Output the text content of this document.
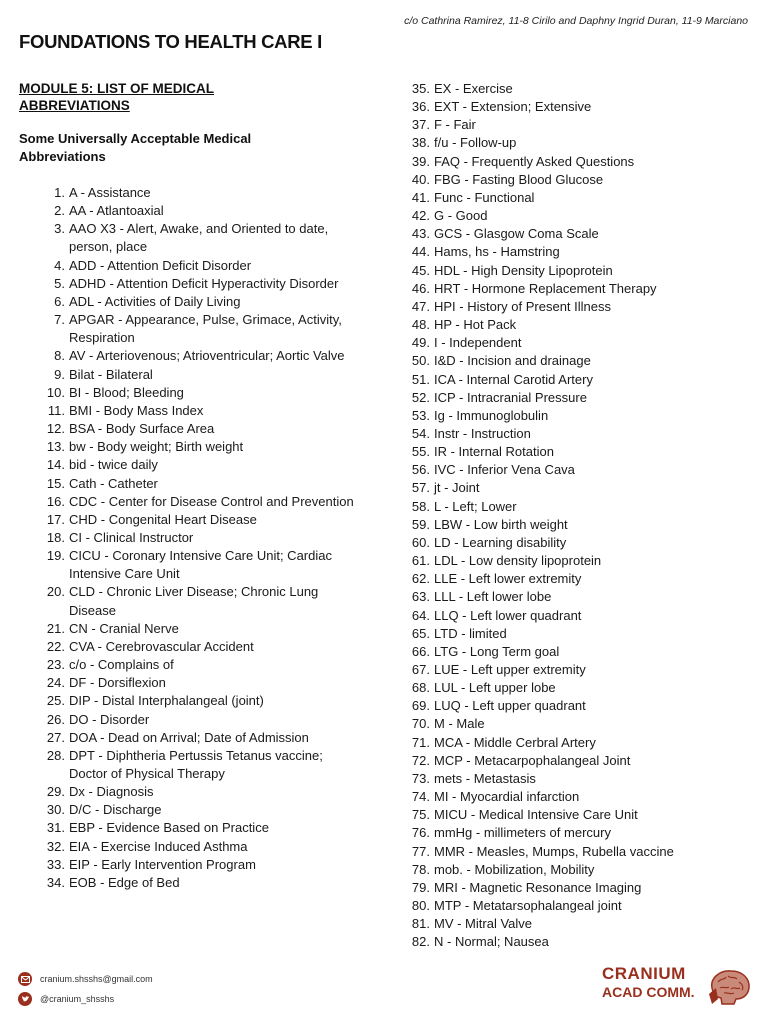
c/o Cathrina Ramirez, 11-8 Cirilo and Daphny Ingrid Duran, 11-9 Marciano
FOUNDATIONS TO HEALTH CARE I
MODULE 5: LIST OF MEDICAL ABBREVIATIONS
Some Universally Acceptable Medical Abbreviations
1. A - Assistance
2. AA - Atlantoaxial
3. AAO X3 - Alert, Awake, and Oriented to date, person, place
4. ADD - Attention Deficit Disorder
5. ADHD - Attention Deficit Hyperactivity Disorder
6. ADL - Activities of Daily Living
7. APGAR - Appearance, Pulse, Grimace, Activity, Respiration
8. AV - Arteriovenous; Atrioventricular; Aortic Valve
9. Bilat - Bilateral
10. BI - Blood; Bleeding
11. BMI - Body Mass Index
12. BSA - Body Surface Area
13. bw - Body weight; Birth weight
14. bid - twice daily
15. Cath - Catheter
16. CDC - Center for Disease Control and Prevention
17. CHD - Congenital Heart Disease
18. CI - Clinical Instructor
19. CICU - Coronary Intensive Care Unit; Cardiac Intensive Care Unit
20. CLD - Chronic Liver Disease; Chronic Lung Disease
21. CN - Cranial Nerve
22. CVA - Cerebrovascular Accident
23. c/o - Complains of
24. DF - Dorsiflexion
25. DIP - Distal Interphalangeal (joint)
26. DO - Disorder
27. DOA - Dead on Arrival; Date of Admission
28. DPT - Diphtheria Pertussis Tetanus vaccine; Doctor of Physical Therapy
29. Dx - Diagnosis
30. D/C - Discharge
31. EBP - Evidence Based on Practice
32. EIA - Exercise Induced Asthma
33. EIP - Early Intervention Program
34. EOB - Edge of Bed
35. EX - Exercise
36. EXT - Extension; Extensive
37. F - Fair
38. f/u - Follow-up
39. FAQ - Frequently Asked Questions
40. FBG - Fasting Blood Glucose
41. Func - Functional
42. G - Good
43. GCS - Glasgow Coma Scale
44. Hams, hs - Hamstring
45. HDL - High Density Lipoprotein
46. HRT - Hormone Replacement Therapy
47. HPI - History of Present Illness
48. HP - Hot Pack
49. I - Independent
50. I&D - Incision and drainage
51. ICA - Internal Carotid Artery
52. ICP - Intracranial Pressure
53. Ig - Immunoglobulin
54. Instr - Instruction
55. IR - Internal Rotation
56. IVC - Inferior Vena Cava
57. jt - Joint
58. L - Left; Lower
59. LBW - Low birth weight
60. LD - Learning disability
61. LDL - Low density lipoprotein
62. LLE - Left lower extremity
63. LLL - Left lower lobe
64. LLQ - Left lower quadrant
65. LTD - limited
66. LTG - Long Term goal
67. LUE - Left upper extremity
68. LUL - Left upper lobe
69. LUQ - Left upper quadrant
70. M - Male
71. MCA - Middle Cerbral Artery
72. MCP - Metacarpophalangeal Joint
73. mets - Metastasis
74. MI - Myocardial infarction
75. MICU - Medical Intensive Care Unit
76. mmHg - millimeters of mercury
77. MMR - Measles, Mumps, Rubella vaccine
78. mob. - Mobilization, Mobility
79. MRI - Magnetic Resonance Imaging
80. MTP - Metatarsophalangeal joint
81. MV - Mitral Valve
82. N - Normal; Nausea
cranium.shsshs@gmail.com
@cranium_shsshs
CRANIUM
ACAD COMM.
